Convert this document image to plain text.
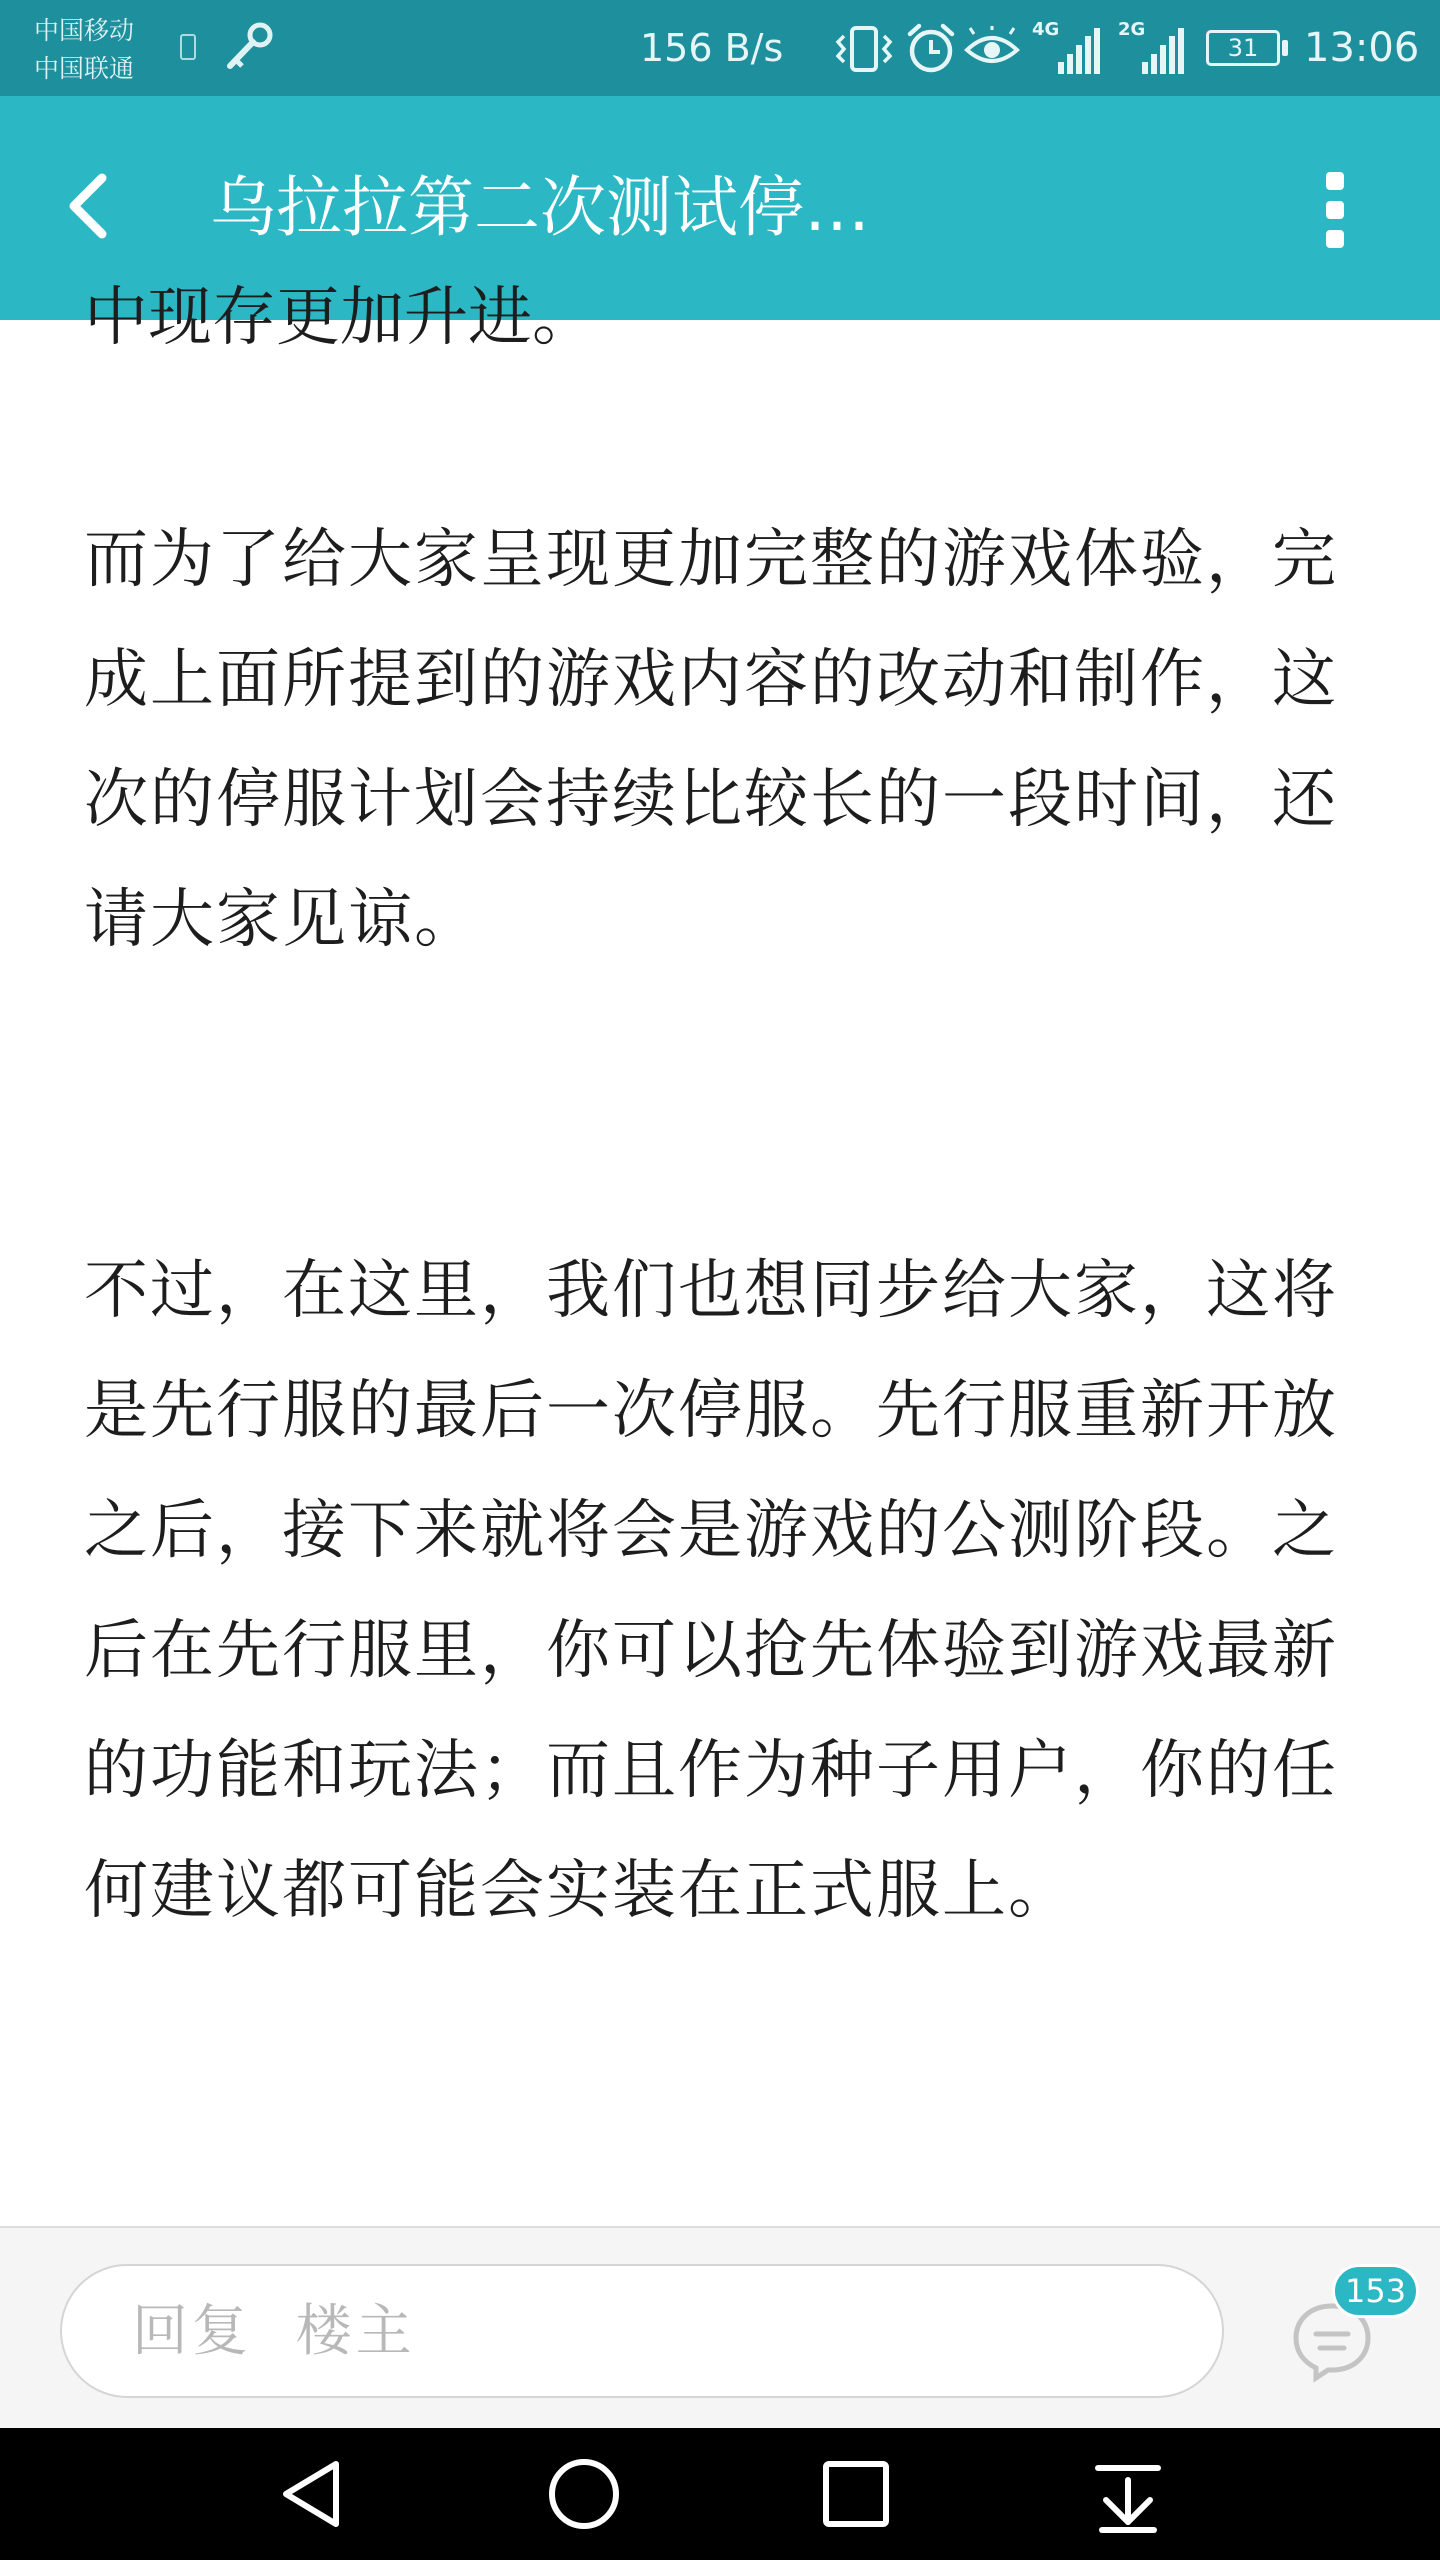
中国移动
中国联通	156 B/s	4G	2G
31	13:06
乌拉拉第二次测试停…
中现存更加升进。

而为了给大家呈现更加完整的游戏体验，完成上面所提到的游戏内容的改动和制作，这次的停服计划会持续比较长的一段时间，还请大家见谅。

不过，在这里，我们也想同步给大家，这将是先行服的最后一次停服。先行服重新开放之后，接下来就将会是游戏的公测阶段。之后在先行服里，你可以抢先体验到游戏最新的功能和玩法；而且作为种子用户，你的任何建议都可能会实装在正式服上。

回复 楼主
153
